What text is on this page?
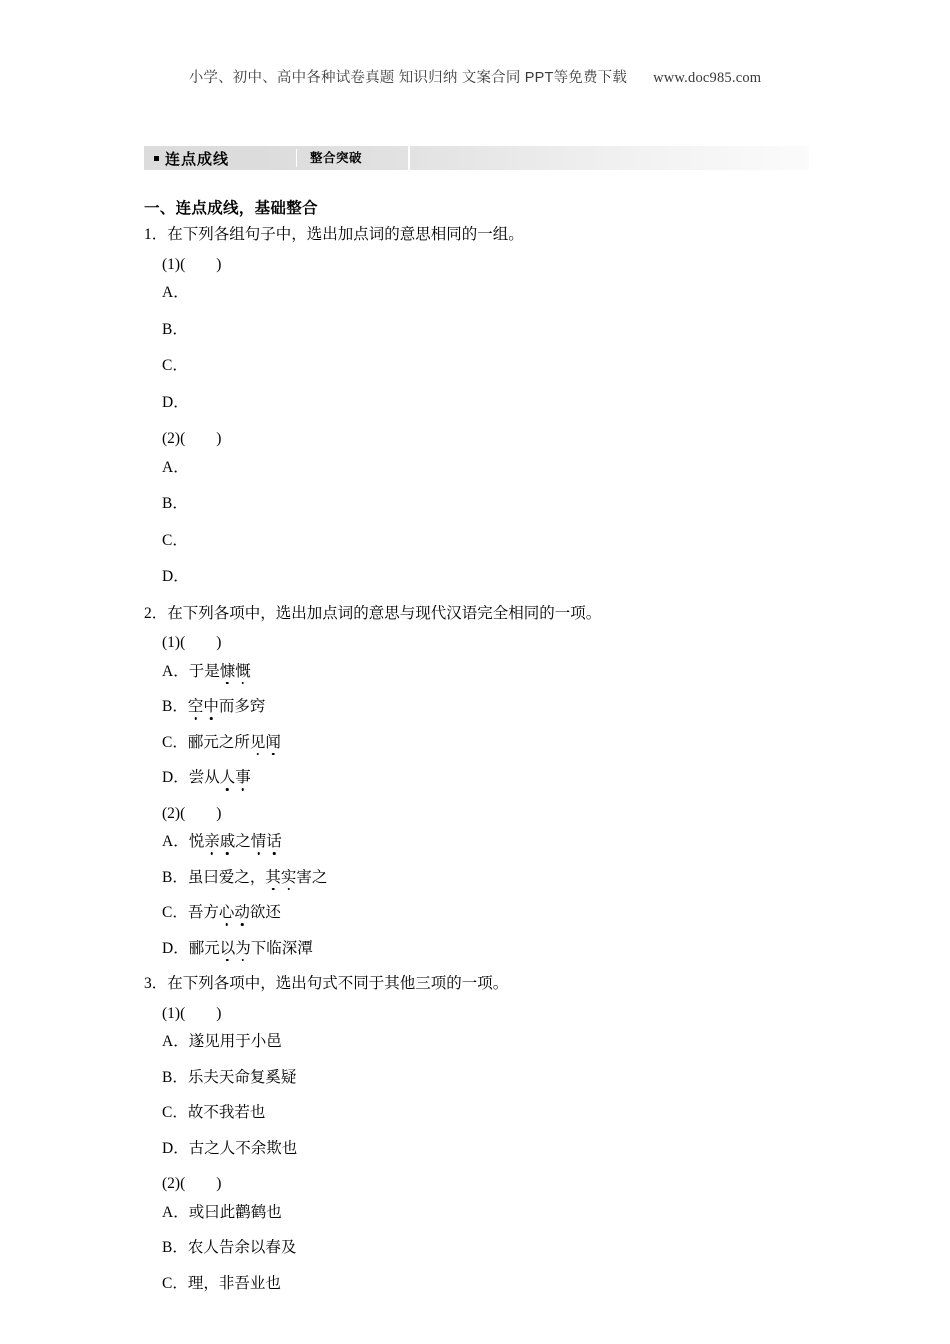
小学、初中、高中各种试卷真题 知识归纳 文案合同 PPT等免费下载 www.doc985.com
连点成线	整合突破
一、连点成线，基础整合
1．在下列各组句子中，选出加点词的意思相同的一组。
(1)(        )
A．
B．
C．
D．
(2)(        )
A．
B．
C．
D．
2．在下列各项中，选出加点词的意思与现代汉语完全相同的一项。
(1)(        )
A．于是慷慨
B．空中而多窍
C．郦元之所见闻
D．尝从人事
(2)(        )
A．悦亲戚之情话
B．虽曰爱之，其实害之
C．吾方心动欲还
D．郦元以为下临深潭
3．在下列各项中，选出句式不同于其他三项的一项。
(1)(        )
A．遂见用于小邑
B．乐夫天命复奚疑
C．故不我若也
D．古之人不余欺也
(2)(        )
A．或曰此鹳鹤也
B．农人告余以春及
C．理，非吾业也
